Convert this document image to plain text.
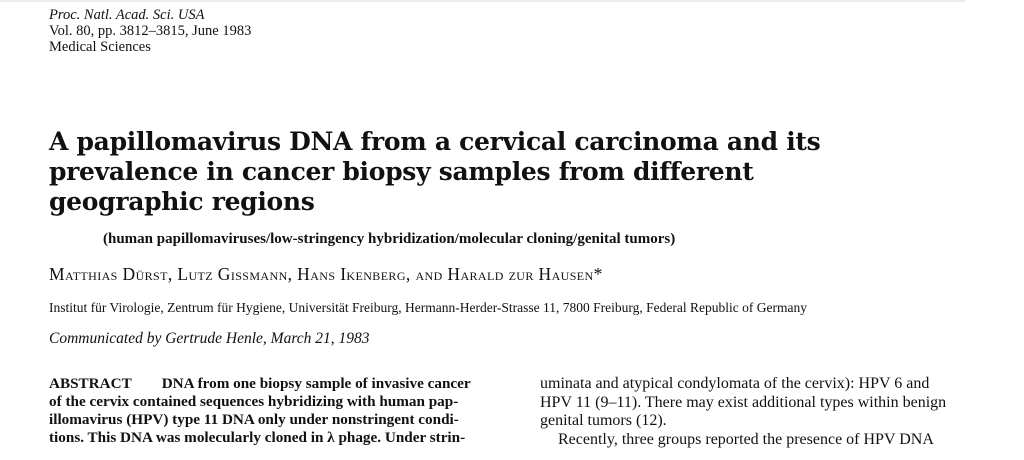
Proc. Natl. Acad. Sci. USA
Vol. 80, pp. 3812–3815, June 1983
Medical Sciences
A papillomavirus DNA from a cervical carcinoma and its
prevalence in cancer biopsy samples from different
geographic regions
(human papillomaviruses/low-stringency hybridization/molecular cloning/genital tumors)
Matthias Dürst, Lutz Gissmann, Hans Ikenberg, and Harald zur Hausen*
Institut für Virologie, Zentrum für Hygiene, Universität Freiburg, Hermann-Herder-Strasse 11, 7800 Freiburg, Federal Republic of Germany
Communicated by Gertrude Henle, March 21, 1983
ABSTRACT DNA from one biopsy sample of invasive cancer
of the cervix contained sequences hybridizing with human pap-
illomavirus (HPV) type 11 DNA only under nonstringent condi-
tions. This DNA was molecularly cloned in λ phage. Under strin-
uminata and atypical condylomata of the cervix): HPV 6 and
HPV 11 (9–11). There may exist additional types within benign
genital tumors (12).
Recently, three groups reported the presence of HPV DNA
